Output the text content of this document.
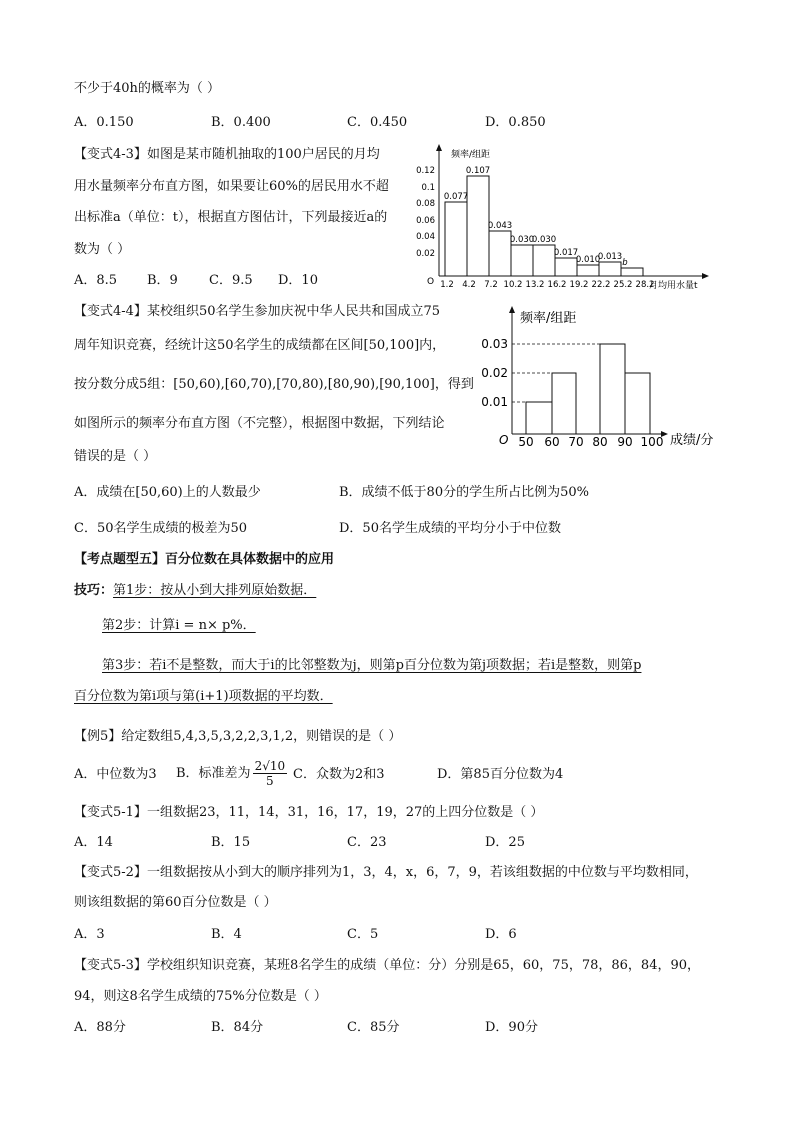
不少于40h的概率为（ ）
A．0.150	B．0.400	C．0.450	D．0.850
【变式4-3】如图是某市随机抽取的100户居民的月均
用水量频率分布直方图，如果要让60%的居民用水不超
出标准a（单位：t），根据直方图估计，下列最接近a的
数为（ ）
A．8.5 B．9 C．9.5 D．10	O
频率/组距
月均用水量t
0.12
0.1
0.08
0.06
0.04
0.02
0.077
0.107
0.043
0.030
0.030
0.017
0.010
0.013
b
1.2 4.2 7.2 10.2 13.2 16.2 19.2 22.2 25.2 28.2
【变式4-4】某校组织50名学生参加庆祝中华人民共和国成立75
周年知识竞赛，经统计这50名学生的成绩都在区间[50,100]内，
按分数分成5组：[50,60),[60,70),[70,80),[80,90),[90,100]，得到
如图所示的频率分布直方图（不完整），根据图中数据，下列结论
错误的是（ ）
A．成绩在[50,60)上的人数最少	B．成绩不低于80分的学生所占比例为50%
C．50名学生成绩的极差为50	D．50名学生成绩的平均分小于中位数
O
频率/组距
成绩/分
0.03
0.02
0.01
50 60 70 80 90 100
【考点题型五】百分位数在具体数据中的应用
技巧：第1步：按从小到大排列原始数据．
第2步：计算i = n× p%．
第3步：若i不是整数，而大于i的比邻整数为j，则第p百分位数为第j项数据；若i是整数，则第p
百分位数为第i项与第(i+1)项数据的平均数．
【例5】给定数组5,4,3,5,3,2,2,3,1,2，则错误的是（ ）
A．中位数为3 B．标准差为 $\frac{2√10}{5}$ C．众数为2和3	D．第85百分位数为4
【变式5-1】一组数据23，11，14，31，16，17，19，27的上四分位数是（ ）
A．14	B．15	C．23	D．25
【变式5-2】一组数据按从小到大的顺序排列为1，3，4，x，6，7，9，若该组数据的中位数与平均数相同，
则该组数据的第60百分位数是（ ）
A．3	B．4	C．5	D．6
【变式5-3】学校组织知识竞赛，某班8名学生的成绩（单位：分）分别是65，60，75，78，86，84，90，
94，则这8名学生成绩的75%分位数是（ ）
A．88分	B．84分	C．85分	D．90分
